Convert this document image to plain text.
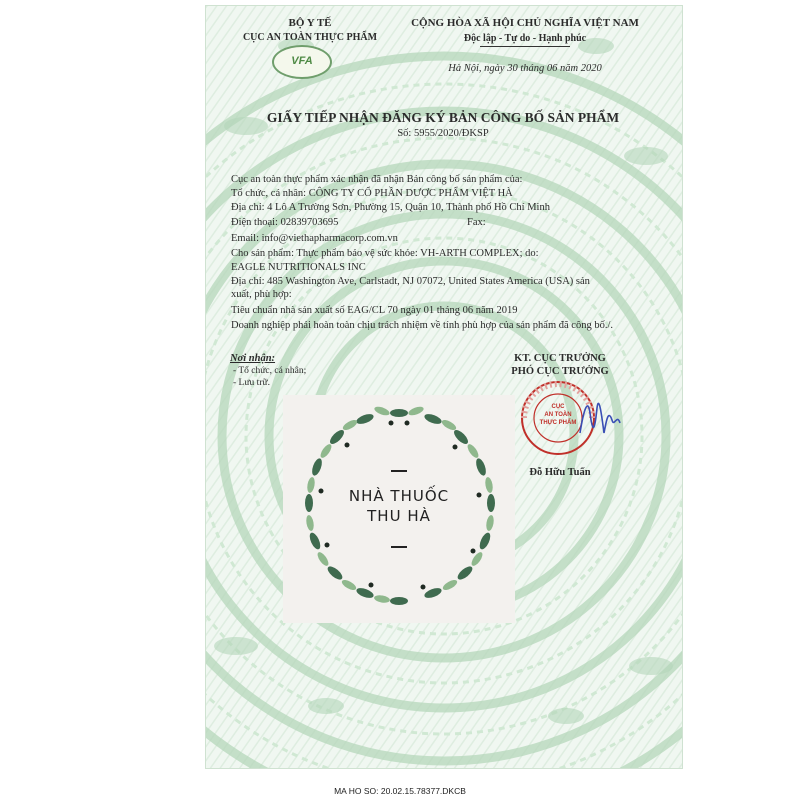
BỘ Y TẾ
CỤC AN TOÀN THỰC PHẨM
VFA
CỘNG HÒA XÃ HỘI CHỦ NGHĨA VIỆT NAM
Độc lập - Tự do - Hạnh phúc
Hà Nội, ngày 30 tháng 06 năm 2020
GIẤY TIẾP NHẬN ĐĂNG KÝ BẢN CÔNG BỐ SẢN PHẨM
Số: 5955/2020/ĐKSP
Cục an toàn thực phẩm xác nhận đã nhận Bản công bố sản phẩm của:
Tổ chức, cá nhân: CÔNG TY CỔ PHẦN DƯỢC PHẨM VIỆT HÀ
Địa chỉ: 4 Lô A Trường Sơn, Phường 15, Quận 10, Thành phố Hồ Chí Minh
Điện thoại: 02839703695	Fax:
Email: info@viethapharmacorp.com.vn
Cho sản phẩm: Thực phẩm bảo vệ sức khỏe: VH-ARTH COMPLEX; do:
EAGLE NUTRITIONALS INC
Địa chỉ: 485 Washington Ave, Carlstadt, NJ 07072, United States America (USA) sản
xuất, phù hợp:
Tiêu chuẩn nhà sản xuất số EAG/CL 70 ngày 01 tháng 06 năm 2019
Doanh nghiệp phải hoàn toàn chịu trách nhiệm về tính phù hợp của sản phẩm đã công bố./.
Nơi nhận:
- Tổ chức, cá nhân;
- Lưu trữ.
KT. CỤC TRƯỞNG
PHÓ CỤC TRƯỞNG
CỤC
AN TOÀN
THỰC PHẨM
Đỗ Hữu Tuấn
NHÀ THUỐC
THU HÀ
MA HO SO: 20.02.15.78377.DKCB
